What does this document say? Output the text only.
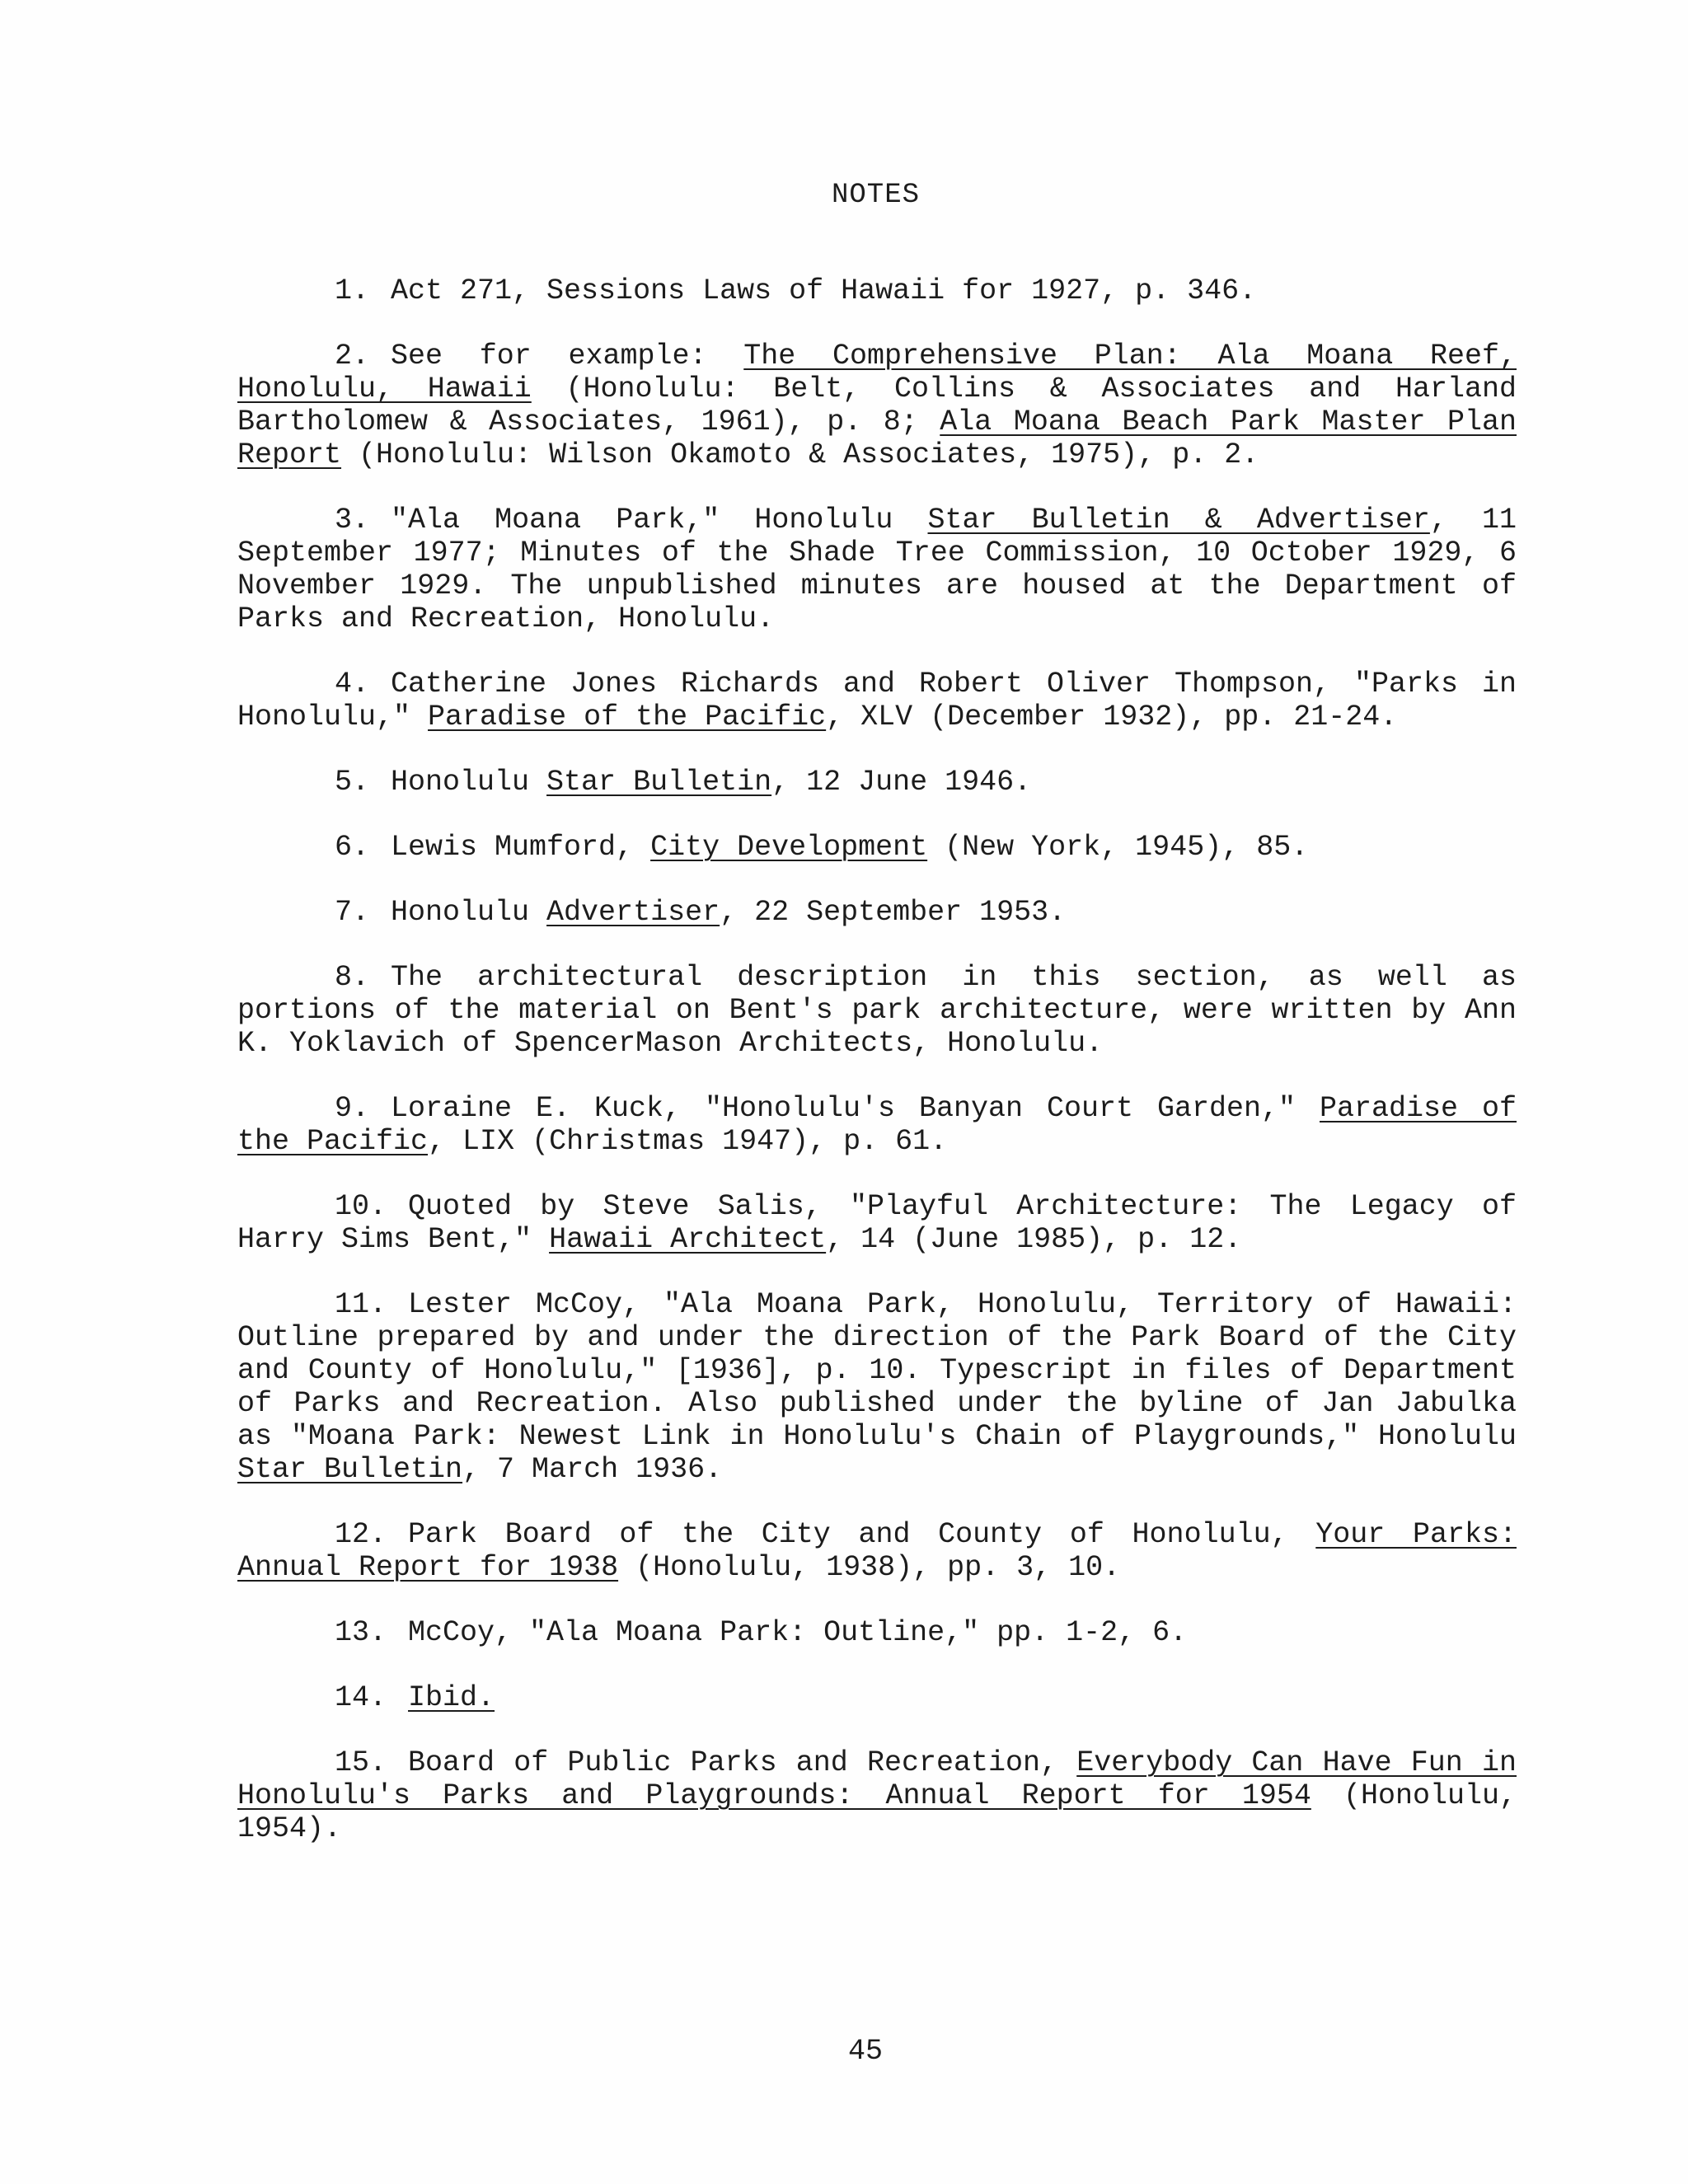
NOTES

1. Act 271, Sessions Laws of Hawaii for 1927, p. 346.

2. See for example: The Comprehensive Plan: Ala Moana Reef, Honolulu, Hawaii (Honolulu: Belt, Collins & Associates and Harland Bartholomew & Associates, 1961), p. 8; Ala Moana Beach Park Master Plan Report (Honolulu: Wilson Okamoto & Associates, 1975), p. 2.

3. "Ala Moana Park," Honolulu Star Bulletin & Advertiser, 11 September 1977; Minutes of the Shade Tree Commission, 10 October 1929, 6 November 1929. The unpublished minutes are housed at the Department of Parks and Recreation, Honolulu.

4. Catherine Jones Richards and Robert Oliver Thompson, "Parks in Honolulu," Paradise of the Pacific, XLV (December 1932), pp. 21-24.

5. Honolulu Star Bulletin, 12 June 1946.

6. Lewis Mumford, City Development (New York, 1945), 85.

7. Honolulu Advertiser, 22 September 1953.

8. The architectural description in this section, as well as portions of the material on Bent's park architecture, were written by Ann K. Yoklavich of SpencerMason Architects, Honolulu.

9. Loraine E. Kuck, "Honolulu's Banyan Court Garden," Paradise of the Pacific, LIX (Christmas 1947), p. 61.

10. Quoted by Steve Salis, "Playful Architecture: The Legacy of Harry Sims Bent," Hawaii Architect, 14 (June 1985), p. 12.

11. Lester McCoy, "Ala Moana Park, Honolulu, Territory of Hawaii: Outline prepared by and under the direction of the Park Board of the City and County of Honolulu," [1936], p. 10. Typescript in files of Department of Parks and Recreation. Also published under the byline of Jan Jabulka as "Moana Park: Newest Link in Honolulu's Chain of Playgrounds," Honolulu Star Bulletin, 7 March 1936.

12. Park Board of the City and County of Honolulu, Your Parks: Annual Report for 1938 (Honolulu, 1938), pp. 3, 10.

13. McCoy, "Ala Moana Park: Outline," pp. 1-2, 6.

14. Ibid.

15. Board of Public Parks and Recreation, Everybody Can Have Fun in Honolulu's Parks and Playgrounds: Annual Report for 1954 (Honolulu, 1954).

45
